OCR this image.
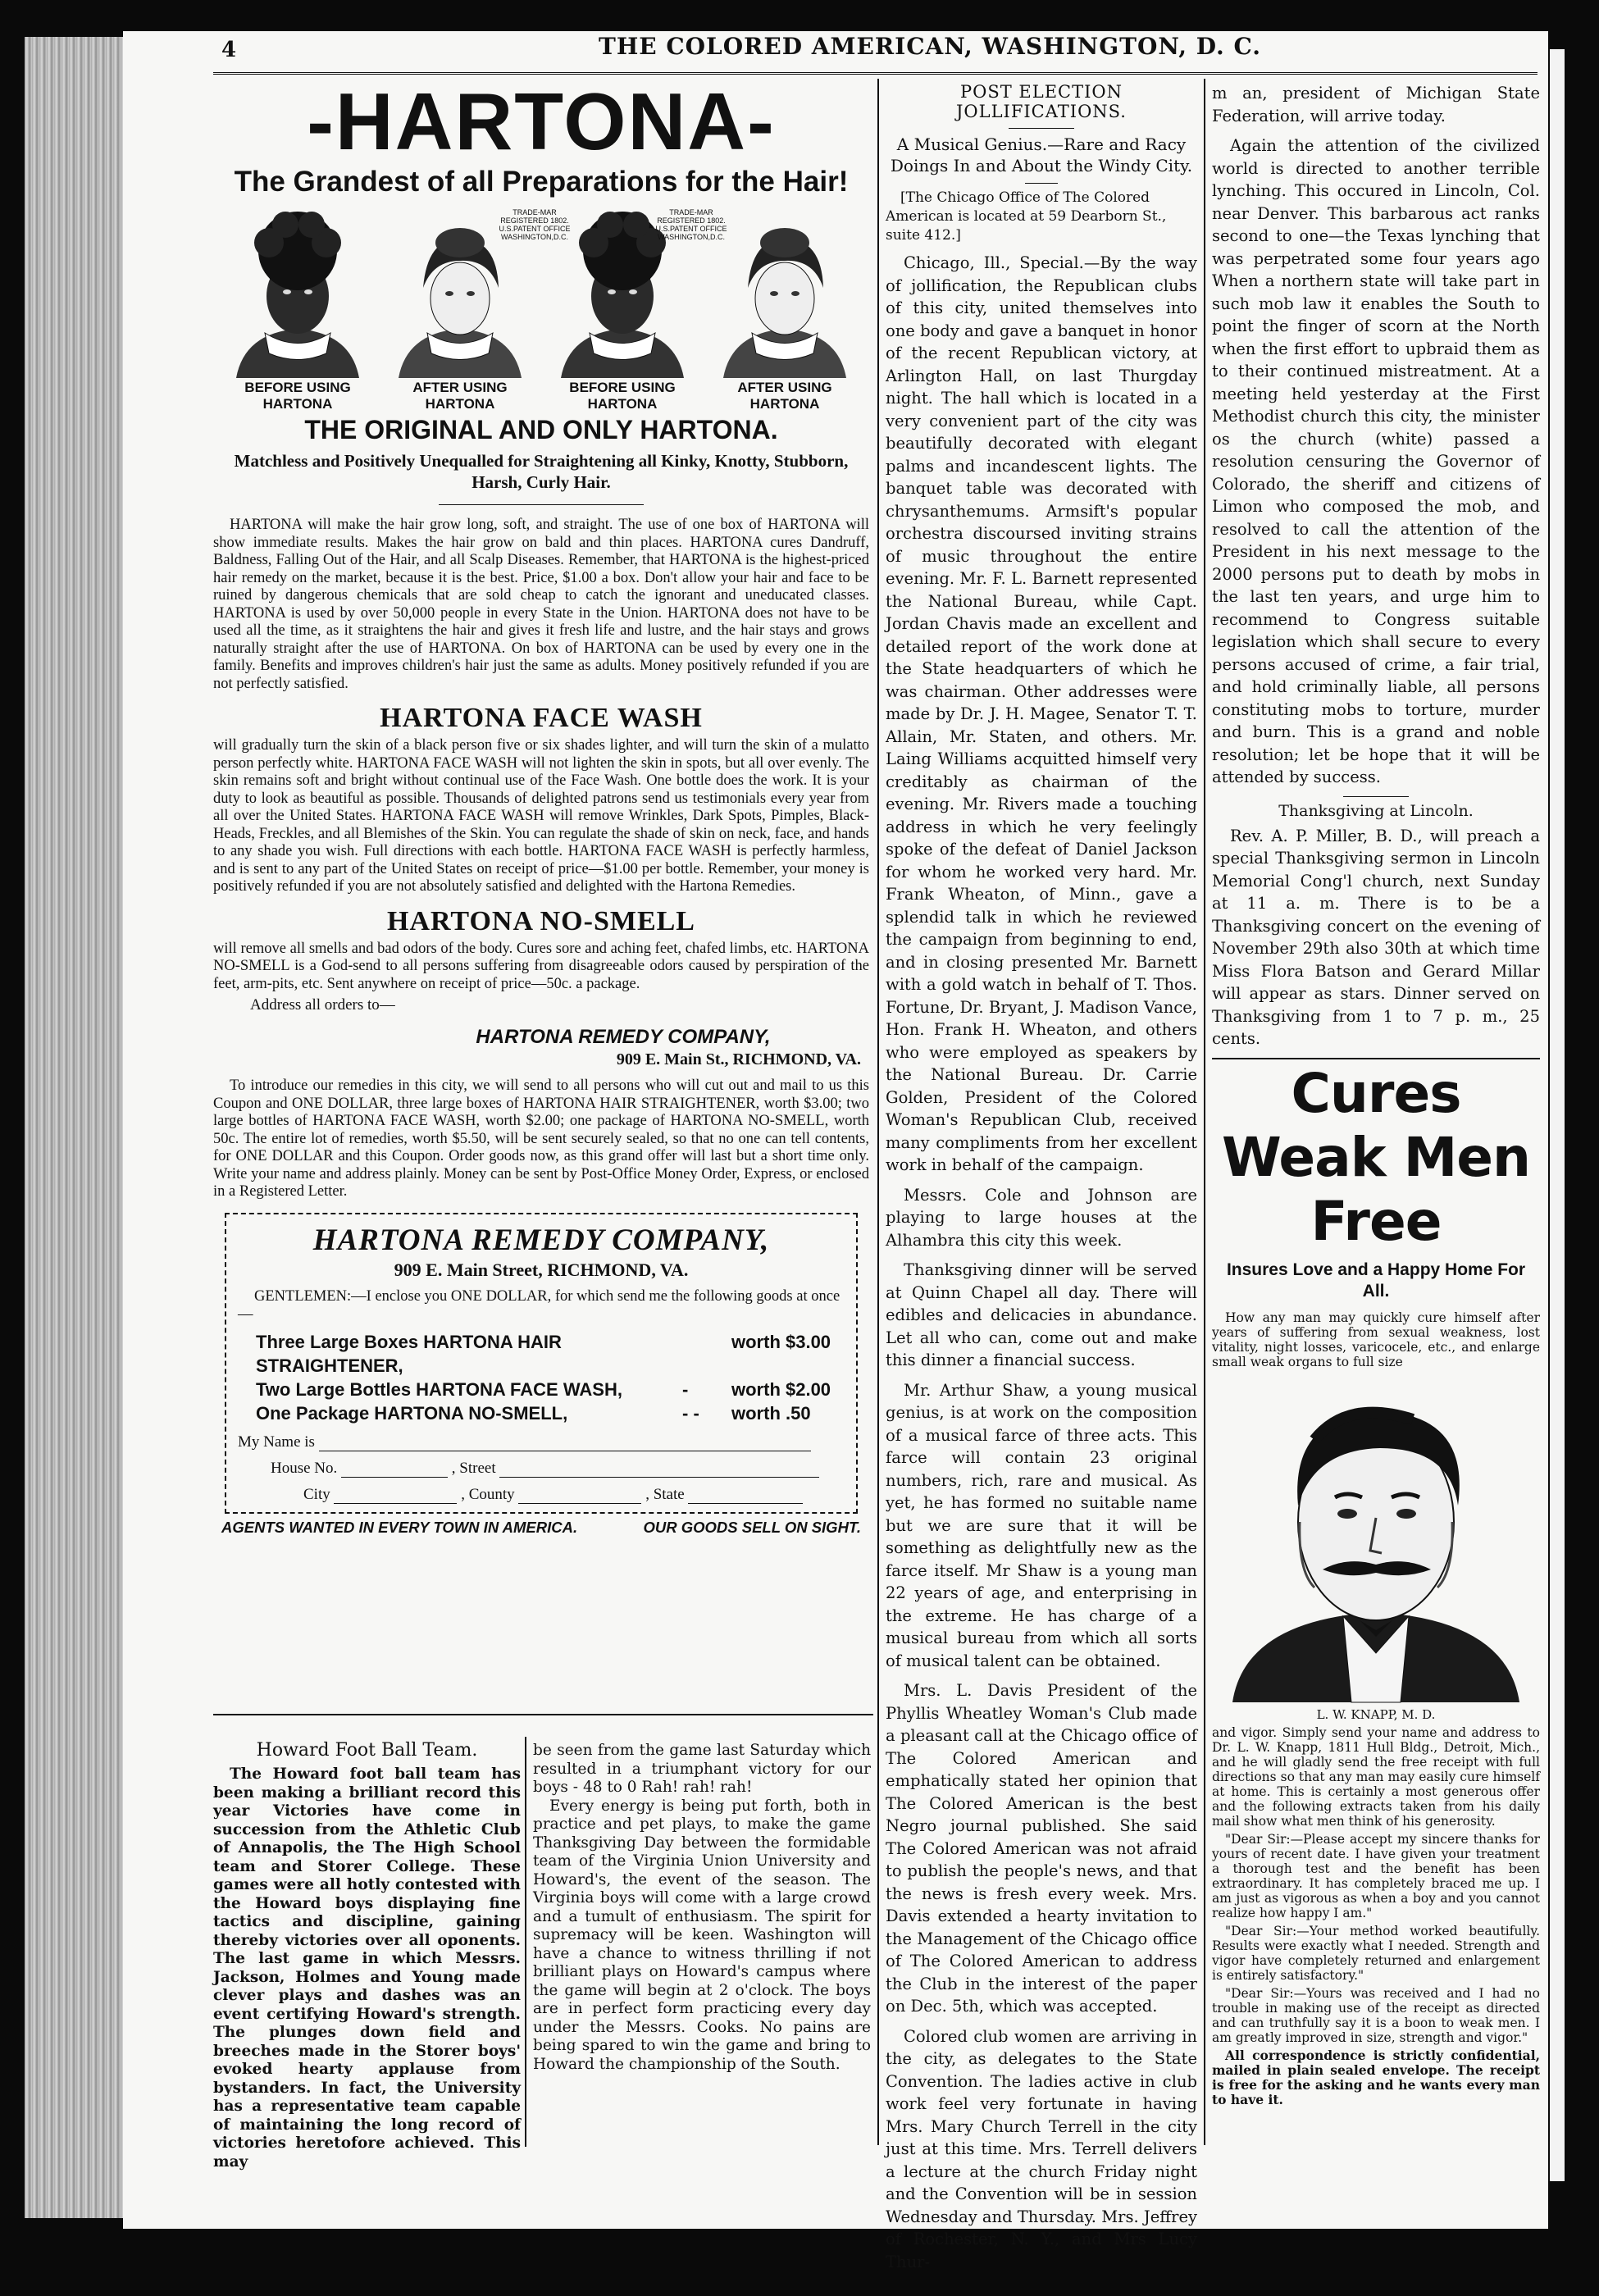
4	THE COLORED AMERICAN, WASHINGTON, D. C.
-HARTONA-
The Grandest of all Preparations for the Hair!
BEFORE USING HARTONA
TRADE-MAR REGISTERED 1802. U.S.PATENT OFFICE WASHINGTON,D.C.
AFTER USING HARTONA
BEFORE USING HARTONA
TRADE-MAR REGISTERED 1802. U.S.PATENT OFFICE WASHINGTON,D.C.
AFTER USING HARTONA
THE ORIGINAL AND ONLY HARTONA.
Matchless and Positively Unequalled for Straightening all Kinky, Knotty, Stubborn, Harsh, Curly Hair.

HARTONA will make the hair grow long, soft, and straight. The use of one box of HARTONA will show immediate results. Makes the hair grow on bald and thin places. HARTONA cures Dandruff, Baldness, Falling Out of the Hair, and all Scalp Diseases. Remember, that HARTONA is the highest-priced hair remedy on the market, because it is the best. Price, $1.00 a box. Don't allow your hair and face to be ruined by dangerous chemicals that are sold cheap to catch the ignorant and uneducated classes. HARTONA is used by over 50,000 people in every State in the Union. HARTONA does not have to be used all the time, as it straightens the hair and gives it fresh life and lustre, and the hair stays and grows naturally straight after the use of HARTONA. On box of HARTONA can be used by every one in the family. Benefits and improves children's hair just the same as adults. Money positively refunded if you are not perfectly satisfied.

HARTONA FACE WASH

will gradually turn the skin of a black person five or six shades lighter, and will turn the skin of a mulatto person perfectly white. HARTONA FACE WASH will not lighten the skin in spots, but all over evenly. The skin remains soft and bright without continual use of the Face Wash. One bottle does the work. It is your duty to look as beautiful as possible. Thousands of delighted patrons send us testimonials every year from all over the United States. HARTONA FACE WASH will remove Wrinkles, Dark Spots, Pimples, Black-Heads, Freckles, and all Blemishes of the Skin. You can regulate the shade of skin on neck, face, and hands to any shade you wish. Full directions with each bottle. HARTONA FACE WASH is perfectly harmless, and is sent to any part of the United States on receipt of price—$1.00 per bottle. Remember, your money is positively refunded if you are not absolutely satisfied and delighted with the Hartona Remedies.

HARTONA NO-SMELL

will remove all smells and bad odors of the body. Cures sore and aching feet, chafed limbs, etc. HARTONA NO-SMELL is a God-send to all persons suffering from disagreeable odors caused by perspiration of the feet, arm-pits, etc. Sent anywhere on receipt of price—50c. a package.

Address all orders to—
HARTONA REMEDY COMPANY,
909 E. Main St., RICHMOND, VA.

To introduce our remedies in this city, we will send to all persons who will cut out and mail to us this Coupon and ONE DOLLAR, three large boxes of HARTONA HAIR STRAIGHTENER, worth $3.00; two large bottles of HARTONA FACE WASH, worth $2.00; one package of HARTONA NO-SMELL, worth 50c. The entire lot of remedies, worth $5.50, will be sent securely sealed, so that no one can tell contents, for ONE DOLLAR and this Coupon. Order goods now, as this grand offer will last but a short time only. Write your name and address plainly. Money can be sent by Post-Office Money Order, Express, or enclosed in a Registered Letter.

HARTONA REMEDY COMPANY,
909 E. Main Street, RICHMOND, VA.
GENTLEMEN:—I enclose you ONE DOLLAR, for which send me the following goods at once—
Three Large Boxes HARTONA HAIR STRAIGHTENER,
worth $3.00
Two Large Bottles HARTONA FACE WASH,	-	worth $2.00
One Package HARTONA NO-SMELL,	- -	worth .50
My Name is
House No.	, Street
City	, County	, State
AGENTS WANTED IN EVERY TOWN IN AMERICA.	OUR GOODS SELL ON SIGHT.
Howard Foot Ball Team.

The Howard foot ball team has been making a brilliant record this year Victories have come in succession from the Athletic Club of Annapolis, the The High School team and Storer College. These games were all hotly contested with the Howard boys displaying fine tactics and discipline, gaining thereby victories over all oponents. The last game in which Messrs. Jackson, Holmes and Young made clever plays and dashes was an event certifying Howard's strength. The plunges down field and breeches made in the Storer boys' evoked hearty applause from bystanders. In fact, the University has a representative team capable of maintaining the long record of victories heretofore achieved. This may

be seen from the game last Saturday which resulted in a triumphant victory for our boys - 48 to 0 Rah! rah! rah!

Every energy is being put forth, both in practice and pet plays, to make the game Thanksgiving Day between the formidable team of the Virginia Union University and Howard's, the event of the season. The Virginia boys will come with a large crowd and a tumult of enthusiasm. The spirit for supremacy will be keen. Washington will have a chance to witness thrilling if not brilliant plays on Howard's campus where the game will begin at 2 o'clock. The boys are in perfect form practicing every day under the Messrs. Cooks. No pains are being spared to win the game and bring to Howard the championship of the South.

POST ELECTION JOLLIFICATIONS.
A Musical Genius.—Rare and Racy Doings In and About the Windy City.
[The Chicago Office of The Colored American is located at 59 Dearborn St., suite 412.]

Chicago, Ill., Special.—By the way of jollification, the Republican clubs of this city, united themselves into one body and gave a banquet in honor of the recent Republican victory, at Arlington Hall, on last Thurgday night. The hall which is located in a very convenient part of the city was beautifully decorated with elegant palms and incandescent lights. The banquet table was decorated with chrysanthemums. Armsift's popular orchestra discoursed inviting strains of music throughout the entire evening. Mr. F. L. Barnett represented the National Bureau, while Capt. Jordan Chavis made an excellent and detailed report of the work done at the State headquarters of which he was chairman. Other addresses were made by Dr. J. H. Magee, Senator T. T. Allain, Mr. Staten, and others. Mr. Laing Williams acquitted himself very creditably as chairman of the evening. Mr. Rivers made a touching address in which he very feelingly spoke of the defeat of Daniel Jackson for whom he worked very hard. Mr. Frank Wheaton, of Minn., gave a splendid talk in which he reviewed the campaign from beginning to end, and in closing presented Mr. Barnett with a gold watch in behalf of T. Thos. Fortune, Dr. Bryant, J. Madison Vance, Hon. Frank H. Wheaton, and others who were employed as speakers by the National Bureau. Dr. Carrie Golden, President of the Colored Woman's Republican Club, received many compliments from her excellent work in behalf of the campaign.

Messrs. Cole and Johnson are playing to large houses at the Alhambra this city this week.

Thanksgiving dinner will be served at Quinn Chapel all day. There will edibles and delicacies in abundance. Let all who can, come out and make this dinner a financial success.

Mr. Arthur Shaw, a young musical genius, is at work on the composition of a musical farce of three acts. This farce will contain 23 original numbers, rich, rare and musical. As yet, he has formed no suitable name but we are sure that it will be something as delightfully new as the farce itself. Mr Shaw is a young man 22 years of age, and enterprising in the extreme. He has charge of a musical bureau from which all sorts of musical talent can be obtained.

Mrs. L. Davis President of the Phyllis Wheatley Woman's Club made a pleasant call at the Chicago office of The Colored American and emphatically stated her opinion that The Colored American is the best Negro journal published. She said The Colored American was not afraid to publish the people's news, and that the news is fresh every week. Mrs. Davis extended a hearty invitation to the Management of the Chicago office of The Colored American to address the Club in the interest of the paper on Dec. 5th, which was accepted.

Colored club women are arriving in the city, as delegates to the State Convention. The ladies active in club work feel very fortunate in having Mrs. Mary Church Terrell in the city just at this time. Mrs. Terrell delivers a lecture at the church Friday night and the Convention will be in session Wednesday and Thursday. Mrs. Jeffrey of Rochester, N. Y., and Mrs Lucy Thur-

m an, president of Michigan State Federation, will arrive today.

Again the attention of the civilized world is directed to another terrible lynching. This occured in Lincoln, Col. near Denver. This barbarous act ranks second to one—the Texas lynching that was perpetrated some four years ago When a northern state will take part in such mob law it enables the South to point the finger of scorn at the North when the first effort to upbraid them as to their continued mistreatment. At a meeting held yesterday at the First Methodist church this city, the minister os the church (white) passed a resolution censuring the Governor of Colorado, the sheriff and citizens of Limon who composed the mob, and resolved to call the attention of the President in his next message to the 2000 persons put to death by mobs in the last ten years, and urge him to recommend to Congress suitable legislation which shall secure to every persons accused of crime, a fair trial, and hold criminally liable, all persons constituting mobs to torture, murder and burn. This is a grand and noble resolution; let be hope that it will be attended by success.

Thanksgiving at Lincoln.

Rev. A. P. Miller, B. D., will preach a special Thanksgiving sermon in Lincoln Memorial Cong'l church, next Sunday at 11 a. m. There is to be a Thanksgiving concert on the evening of November 29th also 30th at which time Miss Flora Batson and Gerard Millar will appear as stars. Dinner served on Thanksgiving from 1 to 7 p. m., 25 cents.

Cures
Weak Men
Free
Insures Love and a Happy Home For All.

How any man may quickly cure himself after years of suffering from sexual weakness, lost vitality, night losses, varicocele, etc., and enlarge small weak organs to full size

L. W. KNAPP, M. D.

and vigor. Simply send your name and address to Dr. L. W. Knapp, 1811 Hull Bldg., Detroit, Mich., and he will gladly send the free receipt with full directions so that any man may easily cure himself at home. This is certainly a most generous offer and the following extracts taken from his daily mail show what men think of his generosity.

"Dear Sir:—Please accept my sincere thanks for yours of recent date. I have given your treatment a thorough test and the benefit has been extraordinary. It has completely braced me up. I am just as vigorous as when a boy and you cannot realize how happy I am."

"Dear Sir:—Your method worked beautifully. Results were exactly what I needed. Strength and vigor have completely returned and enlargement is entirely satisfactory."

"Dear Sir:—Yours was received and I had no trouble in making use of the receipt as directed and can truthfully say it is a boon to weak men. I am greatly improved in size, strength and vigor."

All correspondence is strictly confidential, mailed in plain sealed envelope. The receipt is free for the asking and he wants every man to have it.
